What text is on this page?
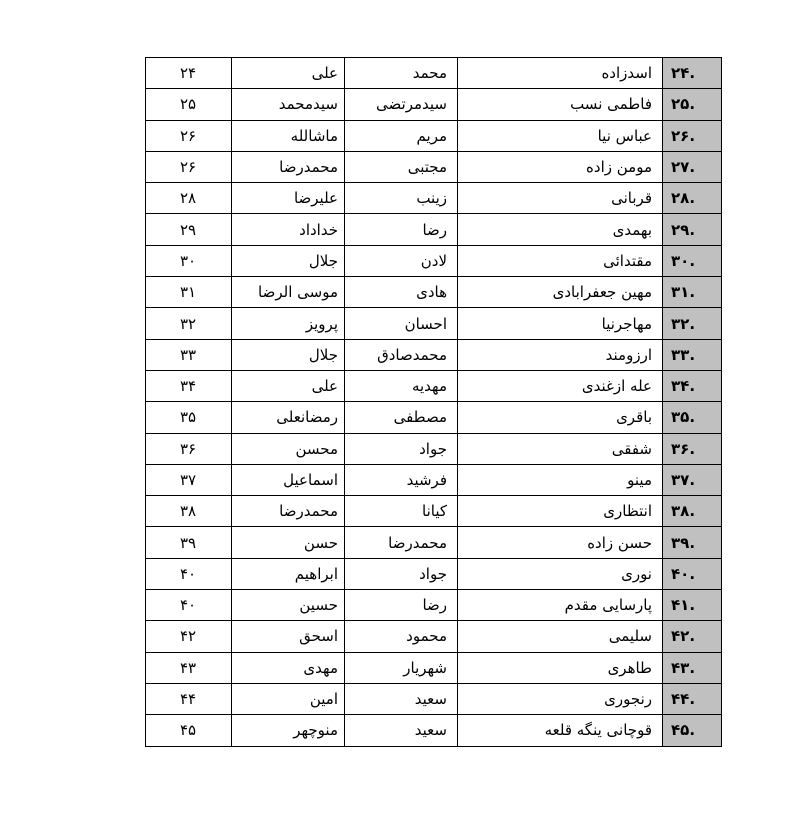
.۲۴	اسدزاده	محمد	علی	۲۴
.۲۵	فاطمی نسب	سیدمرتضی	سیدمحمد	۲۵
.۲۶	عباس نیا	مریم	ماشالله	۲۶
.۲۷	مومن زاده	مجتبی	محمدرضا	۲۶
.۲۸	قربانی	زینب	علیرضا	۲۸
.۲۹	بهمدی	رضا	خداداد	۲۹
.۳۰	مقتدائی	لادن	جلال	۳۰
.۳۱	مهین جعفرابادی	هادی	موسی الرضا	۳۱
.۳۲	مهاجرنیا	احسان	پرویز	۳۲
.۳۳	ارزومند	محمدصادق	جلال	۳۳
.۳۴	عله ازغندی	مهدیه	علی	۳۴
.۳۵	باقری	مصطفی	رمضانعلی	۳۵
.۳۶	شفقی	جواد	محسن	۳۶
.۳۷	مینو	فرشید	اسماعیل	۳۷
.۳۸	انتظاری	کیانا	محمدرضا	۳۸
.۳۹	حسن زاده	محمدرضا	حسن	۳۹
.۴۰	نوری	جواد	ابراهیم	۴۰
.۴۱	پارسایی مقدم	رضا	حسین	۴۰
.۴۲	سلیمی	محمود	اسحق	۴۲
.۴۳	طاهری	شهریار	مهدی	۴۳
.۴۴	رنجوری	سعید	امین	۴۴
.۴۵	قوچانی ینگه قلعه	سعید	منوچهر	۴۵
